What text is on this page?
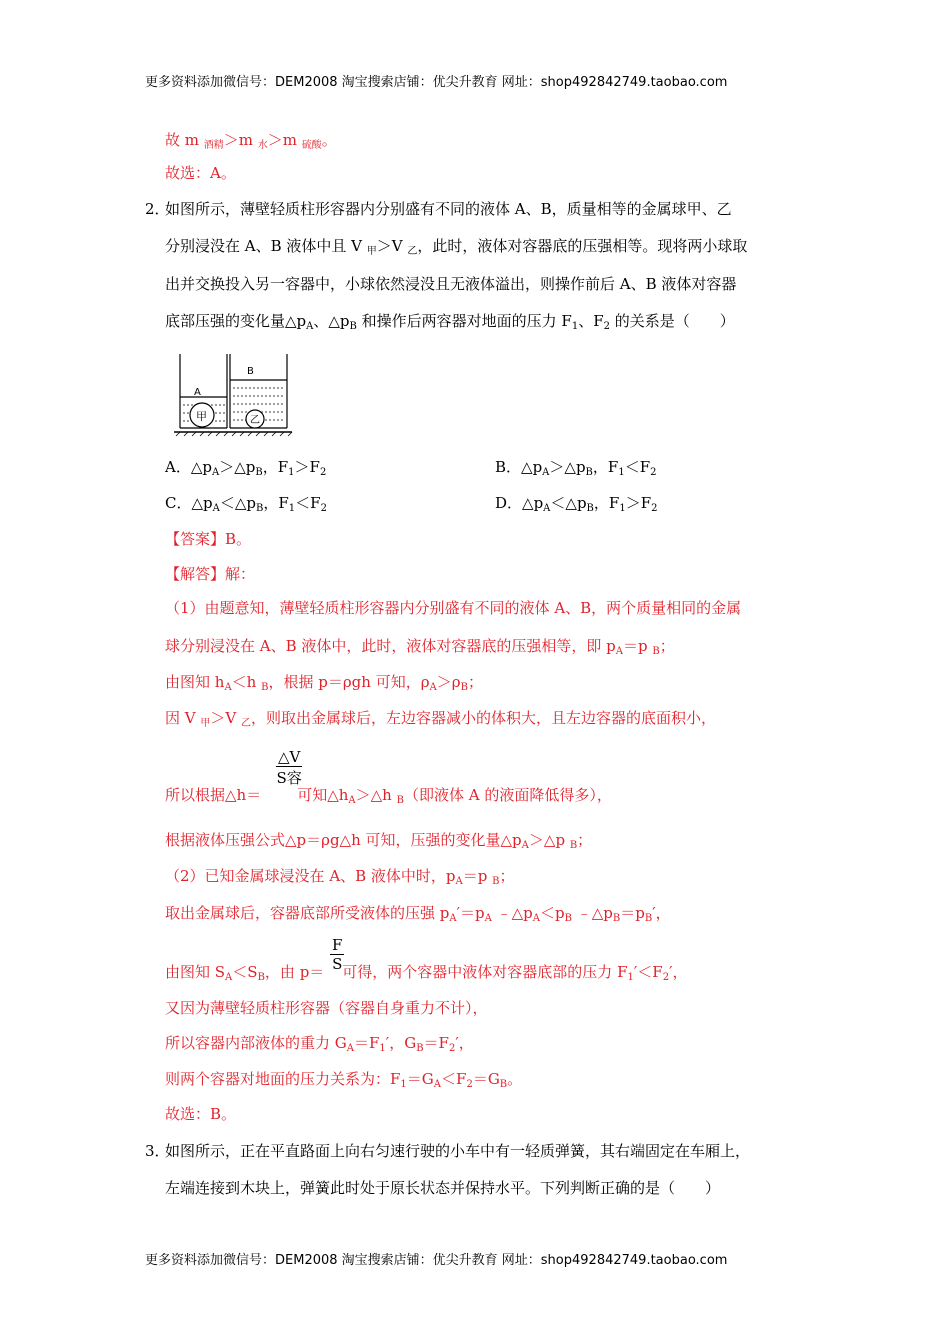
更多资料添加微信号：DEM2008 淘宝搜索店铺：优尖升教育 网址：shop492842749.taobao.com
故 m $_{酒精}$＞m $_水$＞m $_{硫酸}$。
故选：A。
2．
如图所示，薄壁轻质柱形容器内分别盛有不同的液体 A、B，质量相等的金属球甲、乙
分别浸没在 A、B 液体中且 V $_甲$＞V $_乙$，此时，液体对容器底的压强相等。现将两小球取
出并交换投入另一容器中，小球依然浸没且无液体溢出，则操作前后 A、B 液体对容器
底部压强的变化量$\triangle p_A$、$\triangle p_B$ 和操作后两容器对地面的压力 $F_1$、$F_2$ 的关系是（　　）
A
B
甲	乙
A．$\triangle p_A>\triangle p_B$，$F_1>F_2$	B．$\triangle p_A>\triangle p_B$，$F_1<F_2$
C．$\triangle p_A<\triangle p_B$，$F_1<F_2$	D．$\triangle p_A<\triangle p_B$，$F_1>F_2$
【答案】B。
【解答】解：
（1）由题意知，薄壁轻质柱形容器内分别盛有不同的液体 A、B，两个质量相同的金属
球分别浸没在 A、B 液体中，此时，液体对容器底的压强相等，即 $p_A=p$ $_B$；
由图知 $h_A<h$ $_B$，根据 p＝ρgh 可知，$\rho_A>\rho_B$；
因 V $_甲$＞V $_乙$，则取出金属球后，左边容器减小的体积大，且左边容器的底面积小，
△V
S容
所以根据△h＝ 可知$\triangle h_A>\triangle h$ $_B$（即液体 A 的液面降低得多），
根据液体压强公式△p＝ρg△h 可知，压强的变化量$\triangle p_A>\triangle p$ $_B$；
（2）已知金属球浸没在 A、B 液体中时，$p_A=p$ $_B$；
取出金属球后，容器底部所受液体的压强 $p_A'=p_A$ $﹣\triangle p_A<p_B$ $﹣\triangle p_B=p_B'$，
$\frac{F}{S}$
由图知 $S_A<S_B$，由 p＝ 可得，两个容器中液体对容器底部的压力 $F_1'<F_2'$，
又因为薄壁轻质柱形容器（容器自身重力不计），
所以容器内部液体的重力 $G_A=F_1'$，$G_B=F_2'$，
则两个容器对地面的压力关系为：$F_1=G_A<F_2=G_B$。
故选：B。
3．
如图所示，正在平直路面上向右匀速行驶的小车中有一轻质弹簧，其右端固定在车厢上，
左端连接到木块上，弹簧此时处于原长状态并保持水平。下列判断正确的是（　　）
更多资料添加微信号：DEM2008 淘宝搜索店铺：优尖升教育 网址：shop492842749.taobao.com
